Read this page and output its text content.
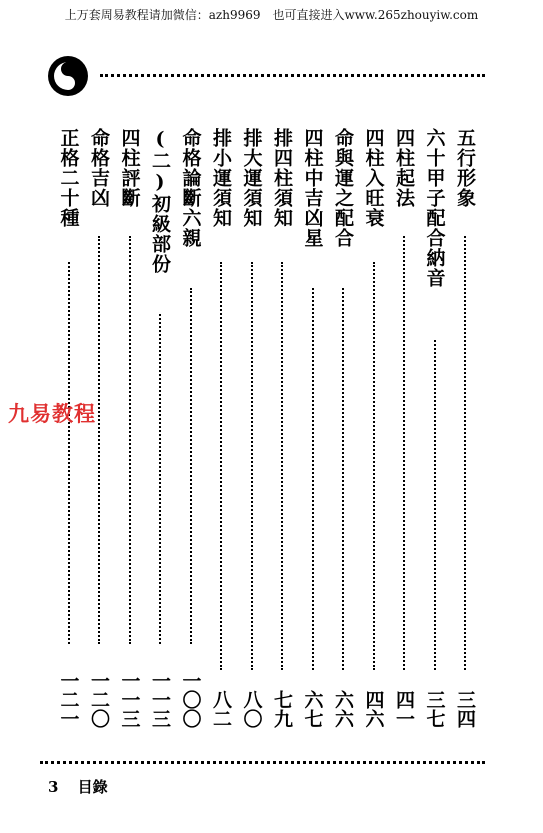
上万套周易教程请加微信：azh9969　也可直接进入www.265zhouyiw.com
五行形象
三四
六十甲子配合納音
三七
四柱起法
四一
四柱入旺衰
四六
命與運之配合
六六
四柱中吉凶星
六七
排四柱須知
七九
排大運須知
八〇
排小運須知
八二
命格論斷六親
一〇〇
(二)初級部份
一一三
四柱評斷
一一三
命格吉凶
一二〇
正格二十種
一二一
九易教程
3 目錄
